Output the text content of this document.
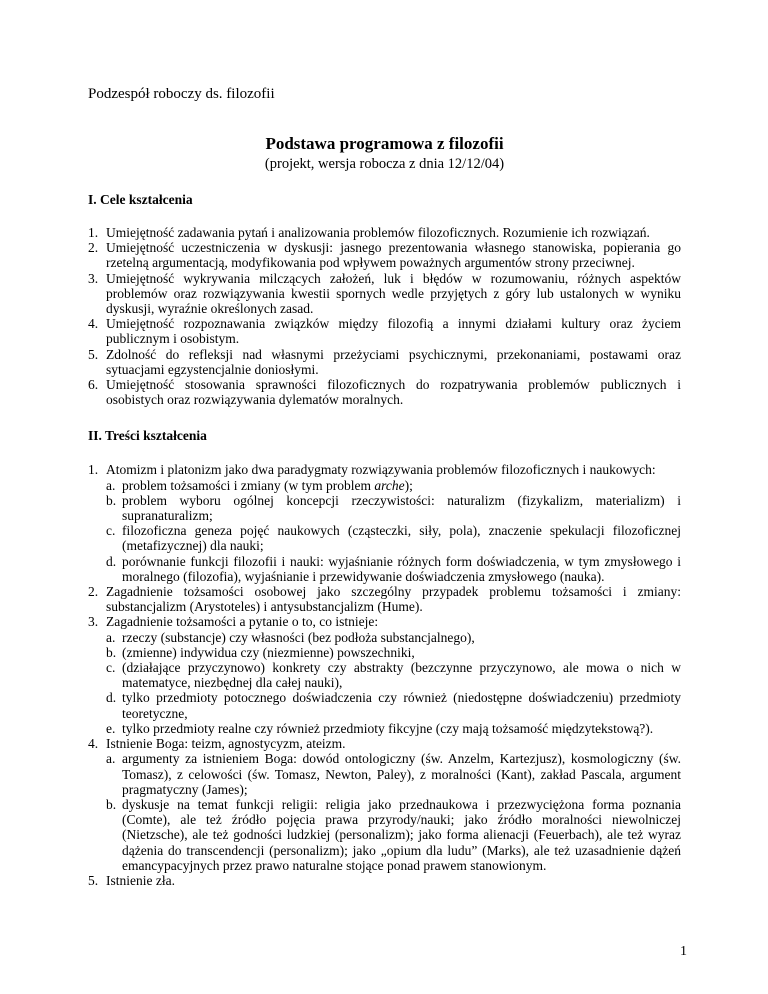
Podzespół roboczy ds. filozofii

Podstawa programowa z filozofii

(projekt, wersja robocza z dnia 12/12/04)

I. Cele kształcenia
1. Umiejętność zadawania pytań i analizowania problemów filozoficznych. Rozumienie ich rozwiązań.
2. Umiejętność uczestniczenia w dyskusji: jasnego prezentowania własnego stanowiska, popierania go rzetelną argumentacją, modyfikowania pod wpływem poważnych argumentów strony przeciwnej.
3. Umiejętność wykrywania milczących założeń, luk i błędów w rozumowaniu, różnych aspektów problemów oraz rozwiązywania kwestii spornych wedle przyjętych z góry lub ustalonych w wyniku dyskusji, wyraźnie określonych zasad.
4. Umiejętność rozpoznawania związków między filozofią a innymi działami kultury oraz życiem publicznym i osobistym.
5. Zdolność do refleksji nad własnymi przeżyciami psychicznymi, przekonaniami, postawami oraz sytuacjami egzystencjalnie doniosłymi.
6. Umiejętność stosowania sprawności filozoficznych do rozpatrywania problemów publicznych i osobistych oraz rozwiązywania dylematów moralnych.
II. Treści kształcenia
1. Atomizm i platonizm jako dwa paradygmaty rozwiązywania problemów filozoficznych i naukowych:
a. problem tożsamości i zmiany (w tym problem arche);
b. problem wyboru ogólnej koncepcji rzeczywistości: naturalizm (fizykalizm, materializm) i supranaturalizm;
c. filozoficzna geneza pojęć naukowych (cząsteczki, siły, pola), znaczenie spekulacji filozoficznej (metafizycznej) dla nauki;
d. porównanie funkcji filozofii i nauki: wyjaśnianie różnych form doświadczenia, w tym zmysłowego i moralnego (filozofia), wyjaśnianie i przewidywanie doświadczenia zmysłowego (nauka).
2. Zagadnienie tożsamości osobowej jako szczególny przypadek problemu tożsamości i zmiany: substancjalizm (Arystoteles) i antysubstancjalizm (Hume).
3. Zagadnienie tożsamości a pytanie o to, co istnieje:
a. rzeczy (substancje) czy własności (bez podłoża substancjalnego),
b. (zmienne) indywidua czy (niezmienne) powszechniki,
c. (działające przyczynowo) konkrety czy abstrakty (bezczynne przyczynowo, ale mowa o nich w matematyce, niezbędnej dla całej nauki),
d. tylko przedmioty potocznego doświadczenia czy również (niedostępne doświadczeniu) przedmioty teoretyczne,
e. tylko przedmioty realne czy również przedmioty fikcyjne (czy mają tożsamość międzytekstową?).
4. Istnienie Boga: teizm, agnostycyzm, ateizm.
a. argumenty za istnieniem Boga: dowód ontologiczny (św. Anzelm, Kartezjusz), kosmologiczny (św. Tomasz), z celowości (św. Tomasz, Newton, Paley), z moralności (Kant), zakład Pascala, argument pragmatyczny (James);
b. dyskusje na temat funkcji religii: religia jako przednaukowa i przezwyciężona forma poznania (Comte), ale też źródło pojęcia prawa przyrody/nauki; jako źródło moralności niewolniczej (Nietzsche), ale też godności ludzkiej (personalizm); jako forma alienacji (Feuerbach), ale też wyraz dążenia do transcendencji (personalizm); jako „opium dla ludu” (Marks), ale też uzasadnienie dążeń emancypacyjnych przez prawo naturalne stojące ponad prawem stanowionym.
5. Istnienie zła.
1
